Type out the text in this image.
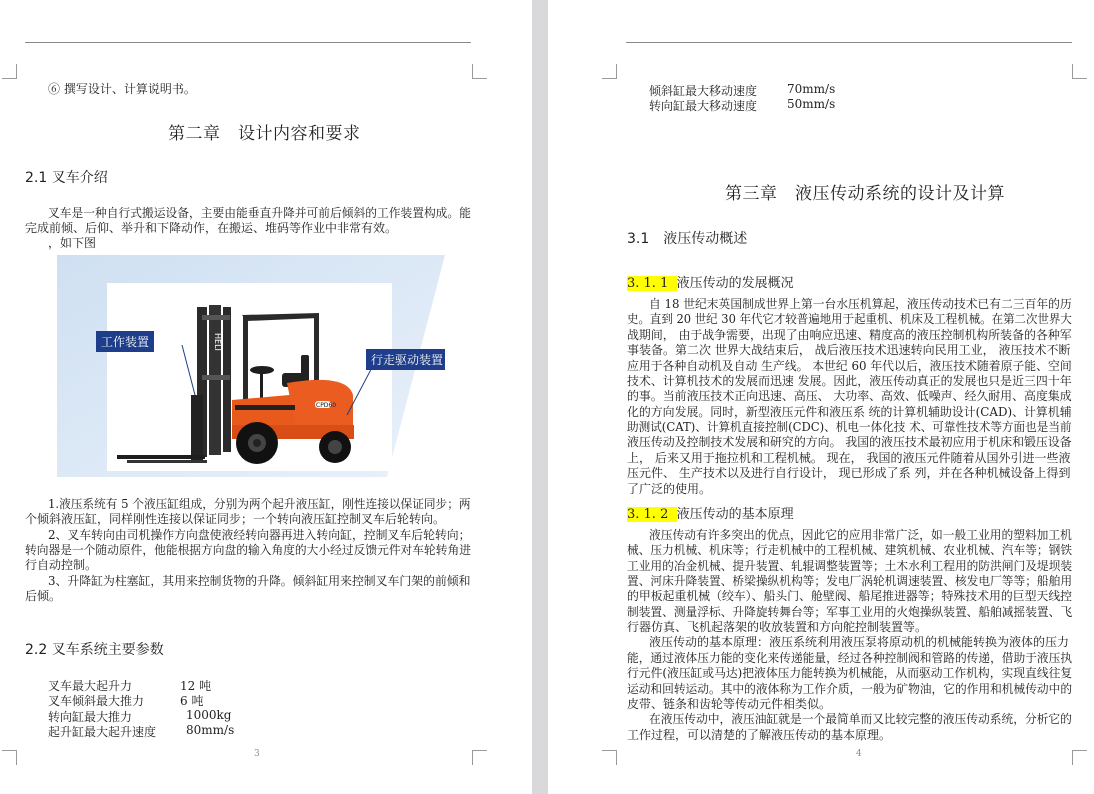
⑥ 撰写设计、计算说明书。
第二章　设计内容和要求
2.1 叉车介绍
叉车是一种自行式搬运设备，主要由能垂直升降并可前后倾斜的工作装置构成。能
完成前倾、后仰、举升和下降动作，在搬运、堆码等作业中非常有效。
，如下图
HELI
CPD60
工作装置
行走驱动装置
1.液压系统有 5 个液压缸组成，分别为两个起升液压缸，刚性连接以保证同步；两
个倾斜液压缸，同样刚性连接以保证同步；一个转向液压缸控制叉车后轮转向。
2、叉车转向由司机操作方向盘使液经转向器再进入转向缸，控制叉车后轮转向；
转向器是一个随动原件，他能根据方向盘的输入角度的大小经过反馈元件对车轮转角进
行自动控制。
3、升降缸为柱塞缸，其用来控制货物的升降。倾斜缸用来控制叉车门架的前倾和
后倾。
2.2 叉车系统主要参数
叉车最大起升力	12 吨
叉车倾斜最大推力	6 吨
转向缸最大推力	1000kg
起升缸最大起升速度 80mm/s
3
倾斜缸最大移动速度 70mm/s
转向缸最大移动速度 50mm/s
第三章　液压传动系统的设计及计算
3.1　液压传动概述
3. 1. 1 液压传动的发展概况
自 18 世纪末英国制成世界上第一台水压机算起，液压传动技术已有二三百年的历
史。直到 20 世纪 30 年代它才较普遍地用于起重机、机床及工程机械。在第二次世界大
战期间， 由于战争需要，出现了由响应迅速、精度高的液压控制机构所装备的各种军
事装备。第二次 世界大战结束后， 战后液压技术迅速转向民用工业， 液压技术不断
应用于各种自动机及自动 生产线。 本世纪 60 年代以后，液压技术随着原子能、空间
技术、计算机技术的发展而迅速 发展。因此，液压传动真正的发展也只是近三四十年
的事。当前液压技术正向迅速、高压、 大功率、高效、低噪声、经久耐用、高度集成
化的方向发展。同时，新型液压元件和液压系 统的计算机辅助设计(CAD)、计算机辅
助测试(CAT)、计算机直接控制(CDC)、机电一体化技 术、可靠性技术等方面也是当前
液压传动及控制技术发展和研究的方向。 我国的液压技术最初应用于机床和锻压设备
上， 后来又用于拖拉机和工程机械。 现在， 我国的液压元件随着从国外引进一些液
压元件、 生产技术以及进行自行设计， 现已形成了系 列，并在各种机械设备上得到
了广泛的使用。
3. 1. 2 液压传动的基本原理
液压传动有许多突出的优点，因此它的应用非常广泛，如一般工业用的塑料加工机
械、压力机械、机床等；行走机械中的工程机械、建筑机械、农业机械、汽车等；钢铁
工业用的冶金机械、提升装置、轧辊调整装置等；土木水利工程用的防洪闸门及堤坝装
置、河床升降装置、桥梁操纵机构等；发电厂涡轮机调速装置、核发电厂等等；船舶用
的甲板起重机械（绞车）、船头门、舱壁阀、船尾推进器等；特殊技术用的巨型天线控
制装置、测量浮标、升降旋转舞台等；军事工业用的火炮操纵装置、船舶减摇装置、飞
行器仿真、飞机起落架的收放装置和方向舵控制装置等。
液压传动的基本原理：液压系统利用液压泵将原动机的机械能转换为液体的压力
能，通过液体压力能的变化来传递能量，经过各种控制阀和管路的传递，借助于液压执
行元件(液压缸或马达)把液体压力能转换为机械能，从而驱动工作机构，实现直线往复
运动和回转运动。其中的液体称为工作介质，一般为矿物油，它的作用和机械传动中的
皮带、链条和齿轮等传动元件相类似。
在液压传动中，液压油缸就是一个最简单而又比较完整的液压传动系统，分析它的
工作过程，可以清楚的了解液压传动的基本原理。
4
